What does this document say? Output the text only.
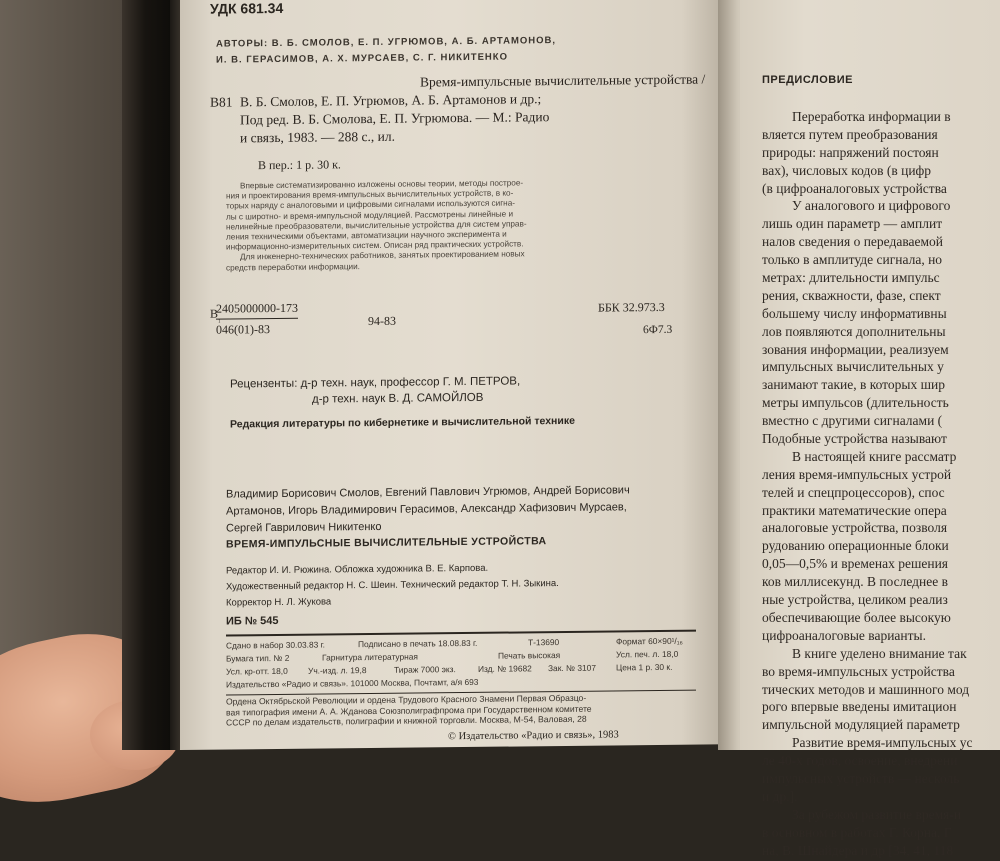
УДК 681.34
АВТОРЫ: В. Б. СМОЛОВ, Е. П. УГРЮМОВ, А. Б. АРТАМОНОВ,
И. В. ГЕРАСИМОВ, А. Х. МУРСАЕВ, С. Г. НИКИТЕНКО
Время-импульсные вычислительные устройства /
В81 В. Б. Смолов, Е. П. Угрюмов, А. Б. Артамонов и др.;
Под ред. В. Б. Смолова, Е. П. Угрюмова. — М.: Радио
и связь, 1983. — 288 с., ил.
В пер.: 1 р. 30 к.
Впервые систематизированно изложены основы теории, методы построе-
ния и проектирования время-импульсных вычислительных устройств, в ко-
торых наряду с аналоговыми и цифровыми сигналами используются сигна-
лы с широтно- и время-импульсной модуляцией. Рассмотрены линейные и
нелинейные преобразователи, вычислительные устройства для систем управ-
ления техническими объектами, автоматизации научного эксперимента и
информационно-измерительных систем. Описан ряд практических устройств.
Для инженерно-технических работников, занятых проектированием новых
средств переработки информации.
$В_{_1}$
$\frac{2405000000-173}{046(01)-83}$	94-83
ББК 32.973.3
6Ф7.3
Рецензенты: д-р техн. наук, профессор Г. М. ПЕТРОВ,
д-р техн. наук В. Д. САМОЙЛОВ
Редакция литературы по кибернетике и вычислительной технике
Владимир Борисович Смолов, Евгений Павлович Угрюмов, Андрей Борисович
Артамонов, Игорь Владимирович Герасимов, Александр Хафизович Мурсаев,
Сергей Гаврилович Никитенко
ВРЕМЯ-ИМПУЛЬСНЫЕ ВЫЧИСЛИТЕЛЬНЫЕ УСТРОЙСТВА
Редактор И. И. Рюжина. Обложка художника В. Е. Карпова.
Художественный редактор Н. С. Шеин. Технический редактор Т. Н. Зыкина.
Корректор Н. Л. Жукова
ИБ № 545
Сдано в набор 30.03.83 г.	Подписано в печать 18.08.83 г.	Т-13690	Формат 60×90¹/₁₆
Бумага тип. № 2	Гарнитура литературная	Печать высокая	Усл. печ. л. 18,0
Усл. кр-отт. 18,0 Уч.-изд. л. 19,8	Тираж 7000 экз.	Изд. № 19682 Зак. № 3107 Цена 1 р. 30 к.
Издательство «Радио и связь». 101000 Москва, Почтамт, а/я 693
Ордена Октябрьской Революции и ордена Трудового Красного Знамени Первая Образцо-
вая типография имени А. А. Жданова Союзполиграфпрома при Государственном комитете
СССР по делам издательств, полиграфии и книжной торговли. Москва, М-54, Валовая, 28
© Издательство «Радио и связь», 1983
ПРЕДИСЛОВИЕ
Переработка информации в
вляется путем преобразования
природы: напряжений постоян
вах), числовых кодов (в цифр
(в цифроаналоговых устройства
У аналогового и цифрового
лишь один параметр — амплит
налов сведения о передаваемой
только в амплитуде сигнала, но
метрах: длительности импульс
рения, скважности, фазе, спект
большему числу информативны
лов появляются дополнительны
зования информации, реализуем
импульсных вычислительных у
занимают такие, в которых шир
метры импульсов (длительность
вместно с другими сигналами (
Подобные устройства называют
В настоящей книге рассматр
ления время-импульсных устрой
телей и спецпроцессоров), спос
практики математические опера
аналоговые устройства, позволя
рудованию операционные блоки
0,05—0,5% и временах решения
ков миллисекунд. В последнее в
ные устройства, целиком реализ
обеспечивающие более высокую
цифроаналоговые варианты.
В книге уделено внимание так
во время-импульсных устройства
тических методов и машинного мод
рого впервые введены имитацион
импульсной модуляцией параметр
Развитие время-импульсных ус
ле 40-х годов, освоение, внедрени
импульсных устройств — несколь
и др.].
За рубежом развитие время-и
в основном в работах Г. Корна, Г
на, В. Шнайдера и др [34, 41, 118
